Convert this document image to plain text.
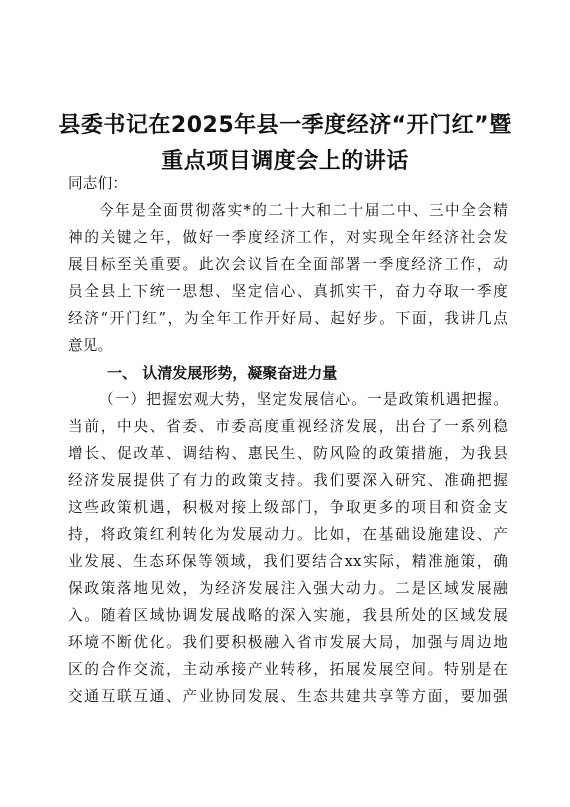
县委书记在2025年县一季度经济“开门红”暨
重点项目调度会上的讲话
同志们：
今年是全面贯彻落实*的二十大和二十届二中、三中全会精
神的关键之年，做好一季度经济工作，对实现全年经济社会发
展目标至关重要。此次会议旨在全面部署一季度经济工作，动
员全县上下统一思想、坚定信心、真抓实干，奋力夺取一季度
经济“开门红”，为全年工作开好局、起好步。下面，我讲几点
意见。
一、 认清发展形势，凝聚奋进力量
（一）把握宏观大势，坚定发展信心。一是政策机遇把握。
当前，中央、省委、市委高度重视经济发展，出台了一系列稳
增长、促改革、调结构、惠民生、防风险的政策措施，为我县
经济发展提供了有力的政策支持。我们要深入研究、准确把握
这些政策机遇，积极对接上级部门，争取更多的项目和资金支
持，将政策红利转化为发展动力。比如，在基础设施建设、产
业发展、生态环保等领域，我们要结合xx实际，精准施策，确
保政策落地见效，为经济发展注入强大动力。二是区域发展融
入。随着区域协调发展战略的深入实施，我县所处的区域发展
环境不断优化。我们要积极融入省市发展大局，加强与周边地
区的合作交流，主动承接产业转移，拓展发展空间。特别是在
交通互联互通、产业协同发展、生态共建共享等方面，要加强
